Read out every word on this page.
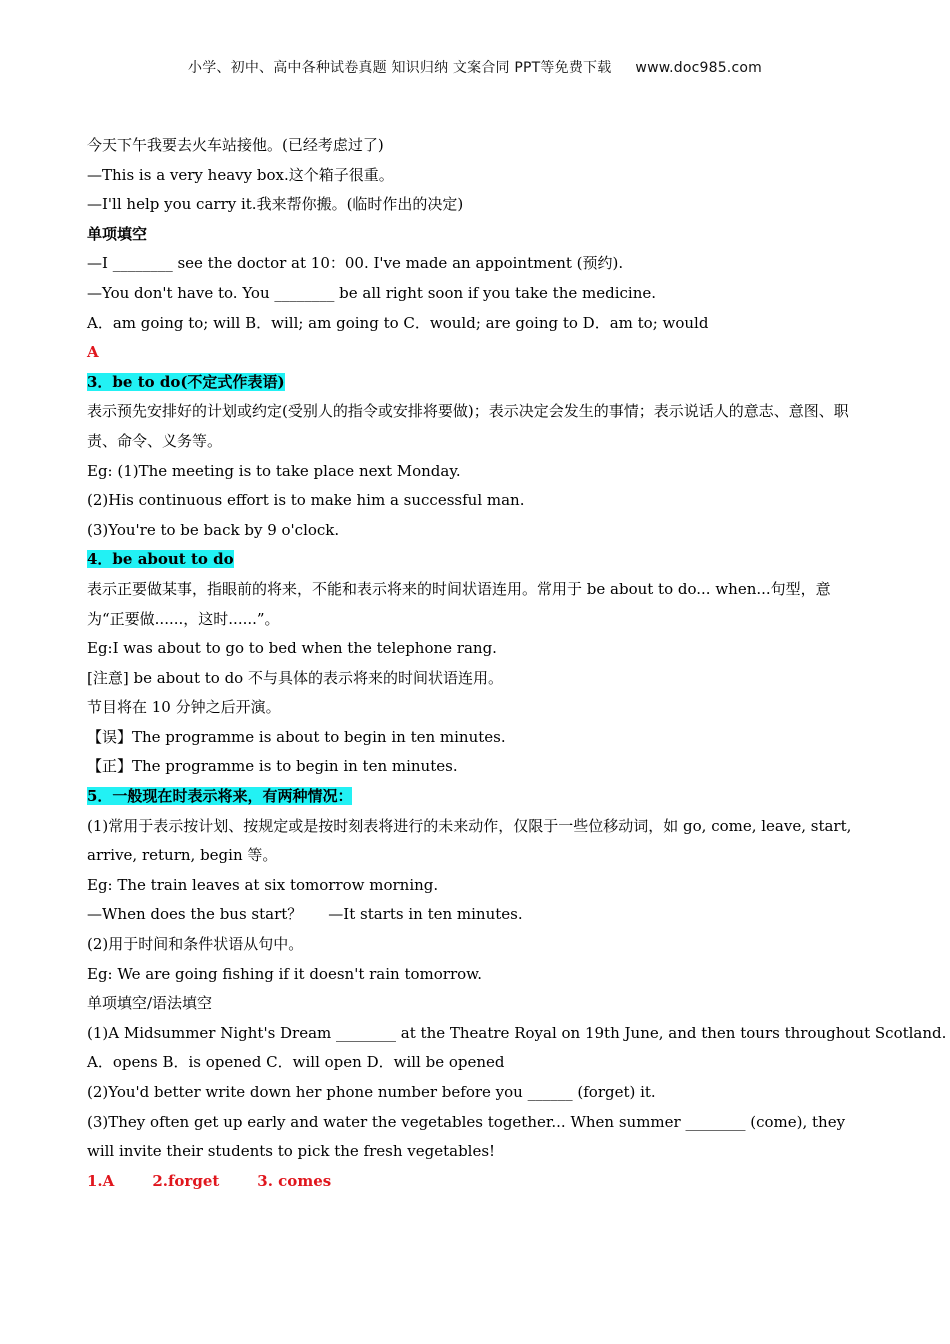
小学、初中、高中各种试卷真题 知识归纳 文案合同 PPT等免费下载 www.doc985.com
今天下午我要去火车站接他。(已经考虑过了)
—This is a very heavy box.这个箱子很重。
—I'll help you carry it.我来帮你搬。(临时作出的决定)
单项填空
—I ________ see the doctor at 10：00. I've made an appointment (预约).
—You don't have to. You ________ be all right soon if you take the medicine.
A．am going to; will B．will; am going to C．would; are going to D．am to; would
A
3．be to do(不定式作表语)
表示预先安排好的计划或约定(受别人的指令或安排将要做)；表示决定会发生的事情；表示说话人的意志、意图、职责、命令、义务等。
Eg: (1)The meeting is to take place next Monday.
(2)His continuous effort is to make him a successful man.
(3)You're to be back by 9 o'clock.
4．be about to do
表示正要做某事，指眼前的将来，不能和表示将来的时间状语连用。常用于 be about to do... when...句型，意为“正要做......，这时......”。
Eg:I was about to go to bed when the telephone rang.
[注意] be about to do 不与具体的表示将来的时间状语连用。
节目将在 10 分钟之后开演。
【误】The programme is about to begin in ten minutes.
【正】The programme is to begin in ten minutes.
5．一般现在时表示将来，有两种情况：
(1)常用于表示按计划、按规定或是按时刻表将进行的未来动作，仅限于一些位移动词，如 go, come, leave, start, arrive, return, begin 等。
Eg: The train leaves at six tomorrow morning.
—When does the bus start？ —It starts in ten minutes.
(2)用于时间和条件状语从句中。
Eg: We are going fishing if it doesn't rain tomorrow.
单项填空/语法填空
(1)A Midsummer Night's Dream ________ at the Theatre Royal on 19th June, and then tours throughout Scotland.
A．opens B．is opened C．will open D．will be opened
(2)You'd better write down her phone number before you ______ (forget) it.
(3)They often get up early and water the vegetables together... When summer ________ (come), they will invite their students to pick the fresh vegetables!
1.A	2.forget	3. comes
